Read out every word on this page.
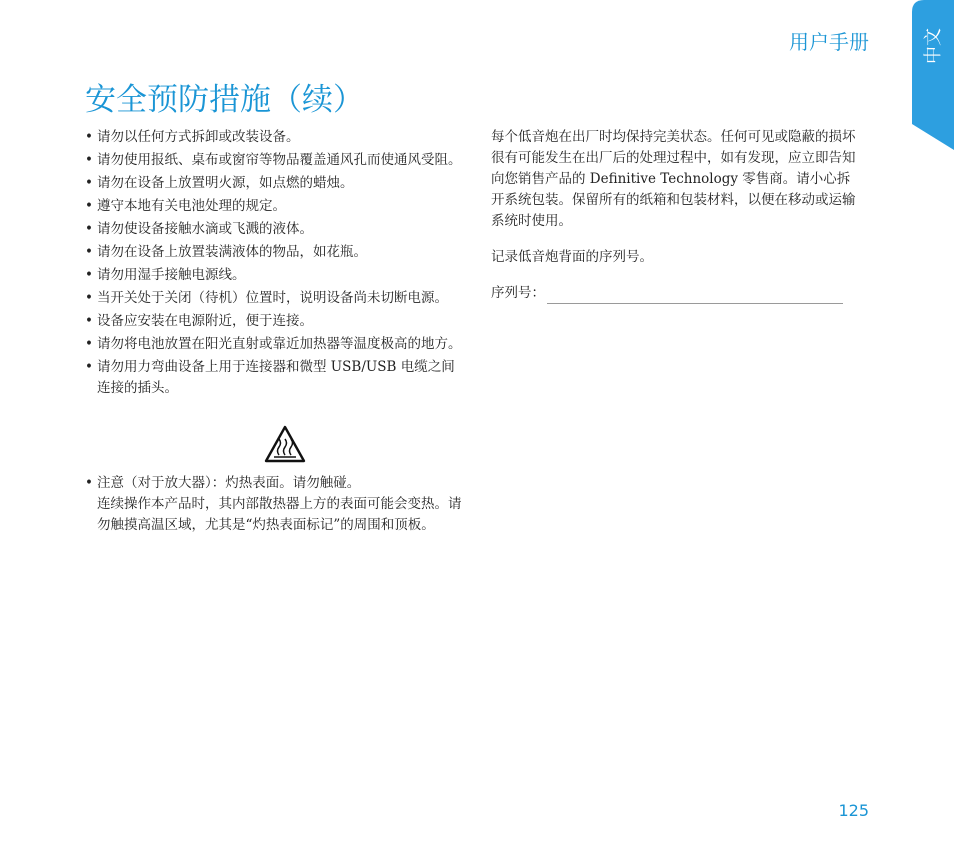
用户手册	中文
安全预防措施（续）
• 请勿以任何方式拆卸或改装设备。
• 请勿使用报纸、桌布或窗帘等物品覆盖通风孔而使通风受阻。
• 请勿在设备上放置明火源，如点燃的蜡烛。
• 遵守本地有关电池处理的规定。
• 请勿使设备接触水滴或飞溅的液体。
• 请勿在设备上放置装满液体的物品，如花瓶。
• 请勿用湿手接触电源线。
• 当开关处于关闭（待机）位置时，说明设备尚未切断电源。
• 设备应安装在电源附近，便于连接。
• 请勿将电池放置在阳光直射或靠近加热器等温度极高的地方。
• 请勿用力弯曲设备上用于连接器和微型 USB/USB 电缆之间连接的插头。

• 注意（对于放大器）：灼热表面。请勿触碰。

连续操作本产品时，其内部散热器上方的表面可能会变热。请勿触摸高温区域，尤其是“灼热表面标记”的周围和顶板。

每个低音炮在出厂时均保持完美状态。任何可见或隐蔽的损坏很有可能发生在出厂后的处理过程中，如有发现，应立即告知向您销售产品的 Definitive Technology 零售商。请小心拆开系统包装。保留所有的纸箱和包装材料，以便在移动或运输系统时使用。

记录低音炮背面的序列号。

序列号：
125
